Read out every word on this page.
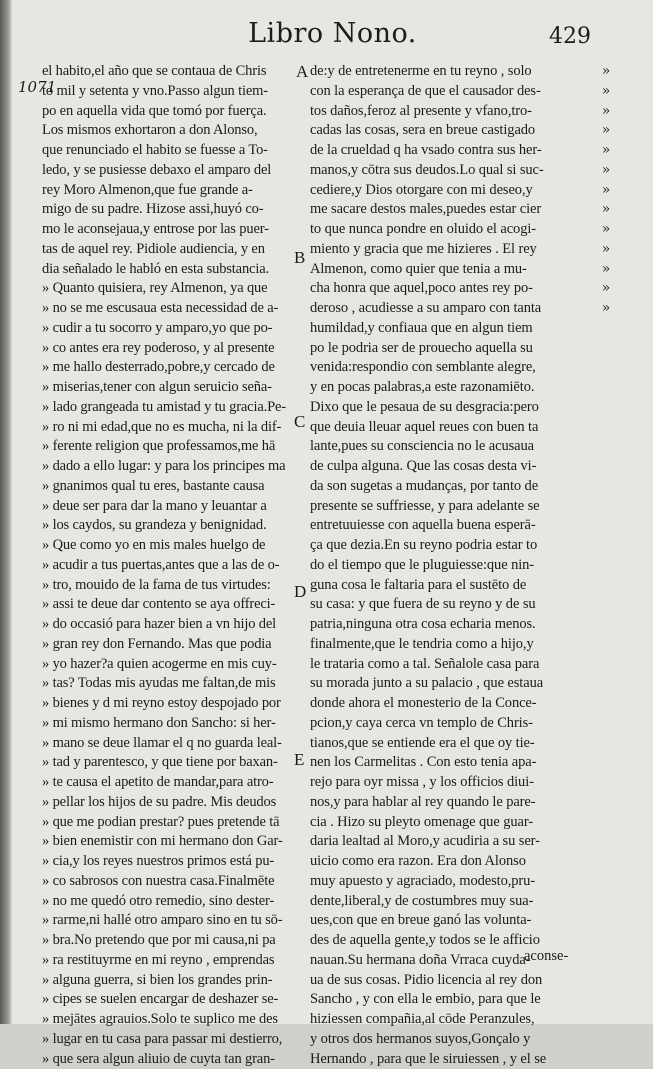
Libro Nono.	429
1071
el habito,el año que se contaua de Chris
to mil y setenta y vno.Passo algun tiem-
po en aquella vida que tomó por fuerça.
Los mismos exhortaron a don Alonso,
que renunciado el habito se fuesse a To-
ledo, y se pusiesse debaxo el amparo del
rey Moro Almenon,que fue grande a-
migo de su padre. Hizose assi,huyó co-
mo le aconsejaua,y entrose por las puer-
tas de aquel rey. Pidiole audiencia, y en
dia señalado le habló en esta substancia.
» Quanto quisiera, rey Almenon, ya que
» no se me escusaua esta necessidad de a-
» cudir a tu socorro y amparo,yo que po-
» co antes era rey poderoso, y al presente
» me hallo desterrado,pobre,y cercado de
» miserias,tener con algun seruicio seña-
» lado grangeada tu amistad y tu gracia.Pe-
» ro ni mi edad,que no es mucha, ni la dif-
» ferente religion que professamos,me hā
» dado a ello lugar: y para los principes ma
» gnanimos qual tu eres, bastante causa
» deue ser para dar la mano y leuantar a
» los caydos, su grandeza y benignidad.
» Que como yo en mis males huelgo de
» acudir a tus puertas,antes que a las de o-
» tro, mouido de la fama de tus virtudes:
» assi te deue dar contento se aya offreci-
» do occasió para hazer bien a vn hijo del
» gran rey don Fernando. Mas que podia
» yo hazer?a quien acogerme en mis cuy-
» tas? Todas mis ayudas me faltan,de mis
» bienes y d mi reyno estoy despojado por
» mi mismo hermano don Sancho: si her-
» mano se deue llamar el q no guarda leal-
» tad y parentesco, y que tiene por baxan-
» te causa el apetito de mandar,para atro-
» pellar los hijos de su padre. Mis deudos
» que me podian prestar? pues pretende tā
» bien enemistir con mi hermano don Gar-
» cia,y los reyes nuestros primos está pu-
» co sabrosos con nuestra casa.Finalmēte
» no me quedó otro remedio, sino dester-
» rarme,ni hallé otro amparo sino en tu sō-
» bra.No pretendo que por mi causa,ni pa
» ra restituyrme en mi reyno , emprendas
» alguna guerra, si bien los grandes prin-
» cipes se suelen encargar de deshazer se-
» mejātes agrauios.Solo te suplico me des
» lugar en tu casa para passar mi destierro,
» que sera algun aliuio de cuyta tan gran-
A
B
C
D
E
de:y de entretenerme en tu reyno , solo
con la esperança de que el causador des-
tos daños,feroz al presente y vfano,tro-
cadas las cosas, sera en breue castigado
de la crueldad q ha vsado contra sus her-
manos,y cōtra sus deudos.Lo qual si suc-
cediere,y Dios otorgare con mi deseo,y
me sacare destos males,puedes estar cier
to que nunca pondre en oluido el acogi-
miento y gracia que me hizieres . El rey
Almenon, como quier que tenia a mu-
cha honra que aquel,poco antes rey po-
deroso , acudiesse a su amparo con tanta
humildad,y confiaua que en algun tiem
po le podria ser de prouecho aquella su
venida:respondio con semblante alegre,
y en pocas palabras,a este razonamiēto.
Dixo que le pesaua de su desgracia:pero
que deuia lleuar aquel reues con buen ta
lante,pues su consciencia no le acusaua
de culpa alguna. Que las cosas desta vi-
da son sugetas a mudanças, por tanto de
presente se suffriesse, y para adelante se
entretuuiesse con aquella buena esperā-
ça que dezia.En su reyno podria estar to
do el tiempo que le pluguiesse:que nin-
guna cosa le faltaria para el sustēto de
su casa: y que fuera de su reyno y de su
patria,ninguna otra cosa echaria menos.
finalmente,que le tendria como a hijo,y
le trataria como a tal. Señalole casa para
su morada junto a su palacio , que estaua
donde ahora el monesterio de la Conce-
pcion,y caya cerca vn templo de Chris-
tianos,que se entiende era el que oy tie-
nen los Carmelitas . Con esto tenia apa-
rejo para oyr missa , y los officios diui-
nos,y para hablar al rey quando le pare-
cia . Hizo su pleyto omenage que guar-
daria lealtad al Moro,y acudiria a su ser-
uicio como era razon. Era don Alonso
muy apuesto y agraciado, modesto,pru-
dente,liberal,y de costumbres muy sua-
ues,con que en breue ganó las volunta-
des de aquella gente,y todos se le afficio
nauan.Su hermana doña Vrraca cuyda-
ua de sus cosas. Pidio licencia al rey don
Sancho , y con ella le embio, para que le
hiziessen compañia,al cōde Peranzules,
y otros dos hermanos suyos,Gonçalo y
Hernando , para que le siruiessen , y el se
»
»
»
»
»
»
»
»
»
»
»
»
»
aconse-
